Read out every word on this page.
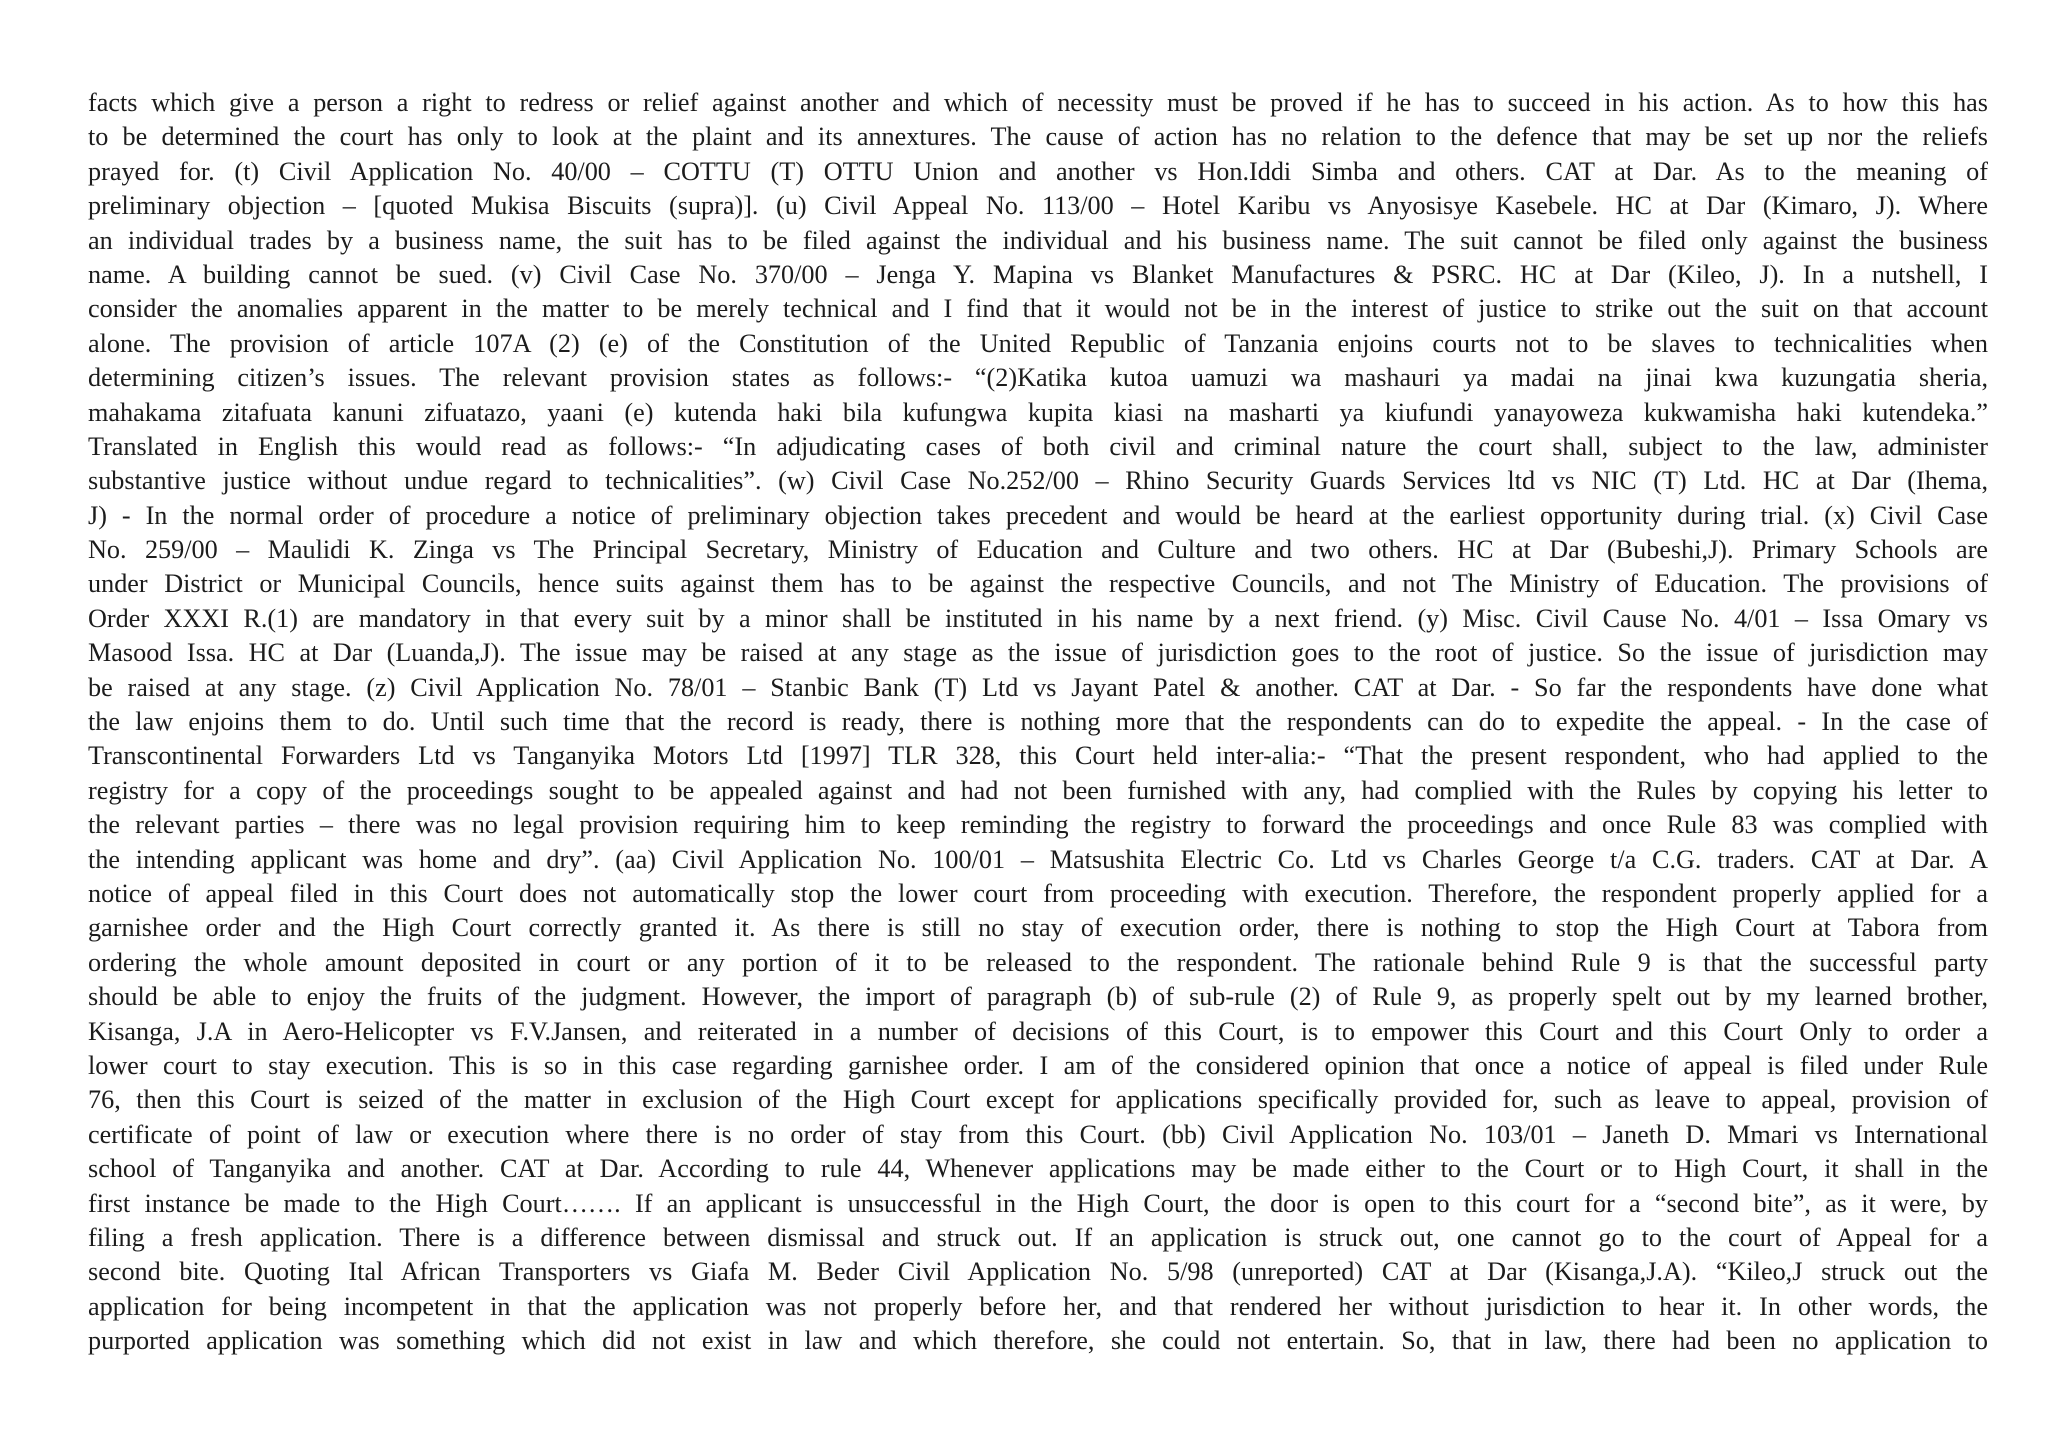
facts which give a person a right to redress or relief against another and which of necessity must be proved if he has to succeed in his action. As to how this has
to be determined the court has only to look at the plaint and its annextures. The cause of action has no relation to the defence that may be set up nor the reliefs
prayed for. (t) Civil Application No. 40/00 – COTTU (T) OTTU Union and another vs Hon.Iddi Simba and others. CAT at Dar. As to the meaning of
preliminary objection – [quoted Mukisa Biscuits (supra)]. (u) Civil Appeal No. 113/00 – Hotel Karibu vs Anyosisye Kasebele. HC at Dar (Kimaro, J). Where
an individual trades by a business name, the suit has to be filed against the individual and his business name. The suit cannot be filed only against the business
name. A building cannot be sued. (v) Civil Case No. 370/00 – Jenga Y. Mapina vs Blanket Manufactures & PSRC. HC at Dar (Kileo, J). In a nutshell, I
consider the anomalies apparent in the matter to be merely technical and I find that it would not be in the interest of justice to strike out the suit on that account
alone. The provision of article 107A (2) (e) of the Constitution of the United Republic of Tanzania enjoins courts not to be slaves to technicalities when
determining citizen’s issues. The relevant provision states as follows:- “(2)Katika kutoa uamuzi wa mashauri ya madai na jinai kwa kuzungatia sheria,
mahakama zitafuata kanuni zifuatazo, yaani (e) kutenda haki bila kufungwa kupita kiasi na masharti ya kiufundi yanayoweza kukwamisha haki kutendeka.”
Translated in English this would read as follows:- “In adjudicating cases of both civil and criminal nature the court shall, subject to the law, administer
substantive justice without undue regard to technicalities”. (w) Civil Case No.252/00 – Rhino Security Guards Services ltd vs NIC (T) Ltd. HC at Dar (Ihema,
J) - In the normal order of procedure a notice of preliminary objection takes precedent and would be heard at the earliest opportunity during trial. (x) Civil Case
No. 259/00 – Maulidi K. Zinga vs The Principal Secretary, Ministry of Education and Culture and two others. HC at Dar (Bubeshi,J). Primary Schools are
under District or Municipal Councils, hence suits against them has to be against the respective Councils, and not The Ministry of Education. The provisions of
Order XXXI R.(1) are mandatory in that every suit by a minor shall be instituted in his name by a next friend. (y) Misc. Civil Cause No. 4/01 – Issa Omary vs
Masood Issa. HC at Dar (Luanda,J). The issue may be raised at any stage as the issue of jurisdiction goes to the root of justice. So the issue of jurisdiction may
be raised at any stage. (z) Civil Application No. 78/01 – Stanbic Bank (T) Ltd vs Jayant Patel & another. CAT at Dar. - So far the respondents have done what
the law enjoins them to do. Until such time that the record is ready, there is nothing more that the respondents can do to expedite the appeal. - In the case of
Transcontinental Forwarders Ltd vs Tanganyika Motors Ltd [1997] TLR 328, this Court held inter-alia:- “That the present respondent, who had applied to the
registry for a copy of the proceedings sought to be appealed against and had not been furnished with any, had complied with the Rules by copying his letter to
the relevant parties – there was no legal provision requiring him to keep reminding the registry to forward the proceedings and once Rule 83 was complied with
the intending applicant was home and dry”. (aa) Civil Application No. 100/01 – Matsushita Electric Co. Ltd vs Charles George t/a C.G. traders. CAT at Dar. A
notice of appeal filed in this Court does not automatically stop the lower court from proceeding with execution. Therefore, the respondent properly applied for a
garnishee order and the High Court correctly granted it. As there is still no stay of execution order, there is nothing to stop the High Court at Tabora from
ordering the whole amount deposited in court or any portion of it to be released to the respondent. The rationale behind Rule 9 is that the successful party
should be able to enjoy the fruits of the judgment. However, the import of paragraph (b) of sub-rule (2) of Rule 9, as properly spelt out by my learned brother,
Kisanga, J.A in Aero-Helicopter vs F.V.Jansen, and reiterated in a number of decisions of this Court, is to empower this Court and this Court Only to order a
lower court to stay execution. This is so in this case regarding garnishee order. I am of the considered opinion that once a notice of appeal is filed under Rule
76, then this Court is seized of the matter in exclusion of the High Court except for applications specifically provided for, such as leave to appeal, provision of
certificate of point of law or execution where there is no order of stay from this Court. (bb) Civil Application No. 103/01 – Janeth D. Mmari vs International
school of Tanganyika and another. CAT at Dar. According to rule 44, Whenever applications may be made either to the Court or to High Court, it shall in the
first instance be made to the High Court……. If an applicant is unsuccessful in the High Court, the door is open to this court for a “second bite”, as it were, by
filing a fresh application. There is a difference between dismissal and struck out. If an application is struck out, one cannot go to the court of Appeal for a
second bite. Quoting Ital African Transporters vs Giafa M. Beder Civil Application No. 5/98 (unreported) CAT at Dar (Kisanga,J.A). “Kileo,J struck out the
application for being incompetent in that the application was not properly before her, and that rendered her without jurisdiction to hear it. In other words, the
purported application was something which did not exist in law and which therefore, she could not entertain. So, that in law, there had been no application to
